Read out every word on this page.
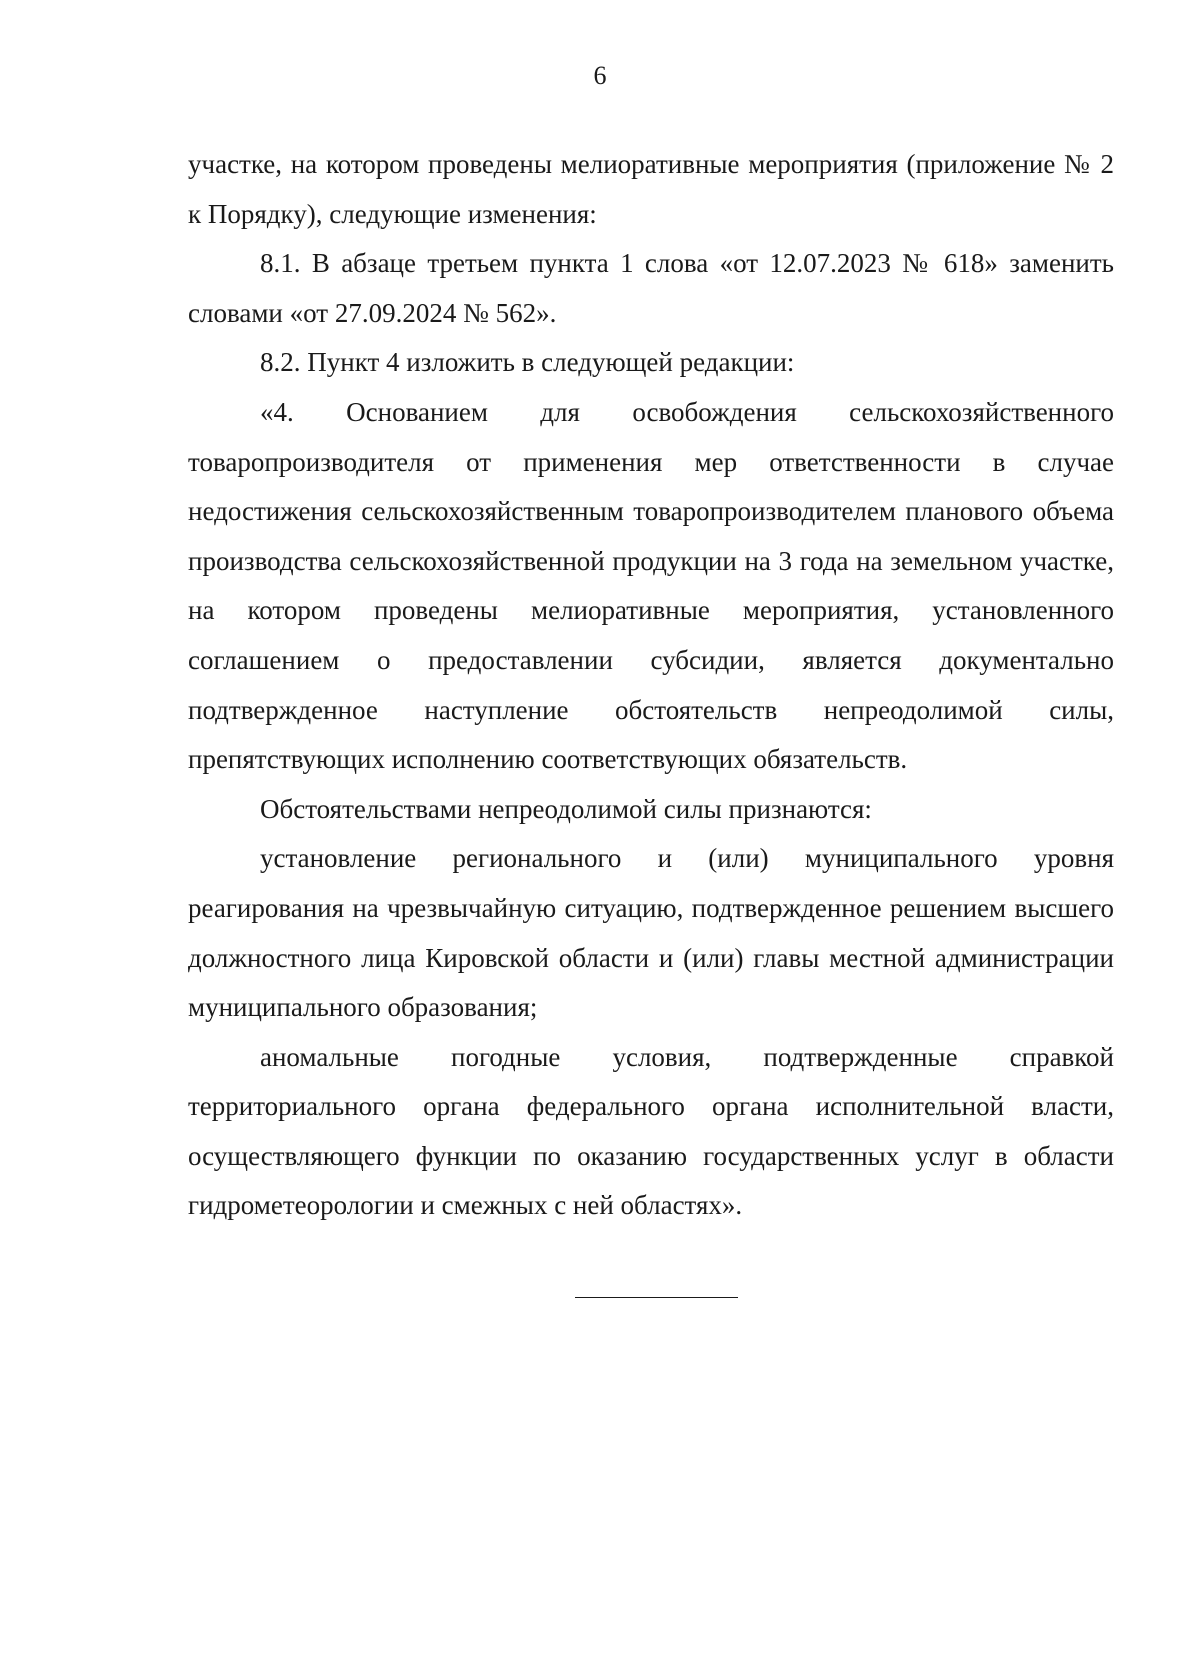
6

участке, на котором проведены мелиоративные мероприятия (приложение № 2 к Порядку), следующие изменения:

8.1. В абзаце третьем пункта 1 слова «от 12.07.2023 № 618» заменить словами «от 27.09.2024 № 562».

8.2. Пункт 4 изложить в следующей редакции:

«4. Основанием для освобождения сельскохозяйственного товаропроизводителя от применения мер ответственности в случае недостижения сельскохозяйственным товаропроизводителем планового объема производства сельскохозяйственной продукции на 3 года на земельном участке, на котором проведены мелиоративные мероприятия, установленного соглашением о предоставлении субсидии, является документально подтвержденное наступление обстоятельств непреодолимой силы, препятствующих исполнению соответствующих обязательств.

Обстоятельствами непреодолимой силы признаются:

установление регионального и (или) муниципального уровня реагирования на чрезвычайную ситуацию, подтвержденное решением высшего должностного лица Кировской области и (или) главы местной администрации муниципального образования;

аномальные погодные условия, подтвержденные справкой территориального органа федерального органа исполнительной власти, осуществляющего функции по оказанию государственных услуг в области гидрометеорологии и смежных с ней областях».
